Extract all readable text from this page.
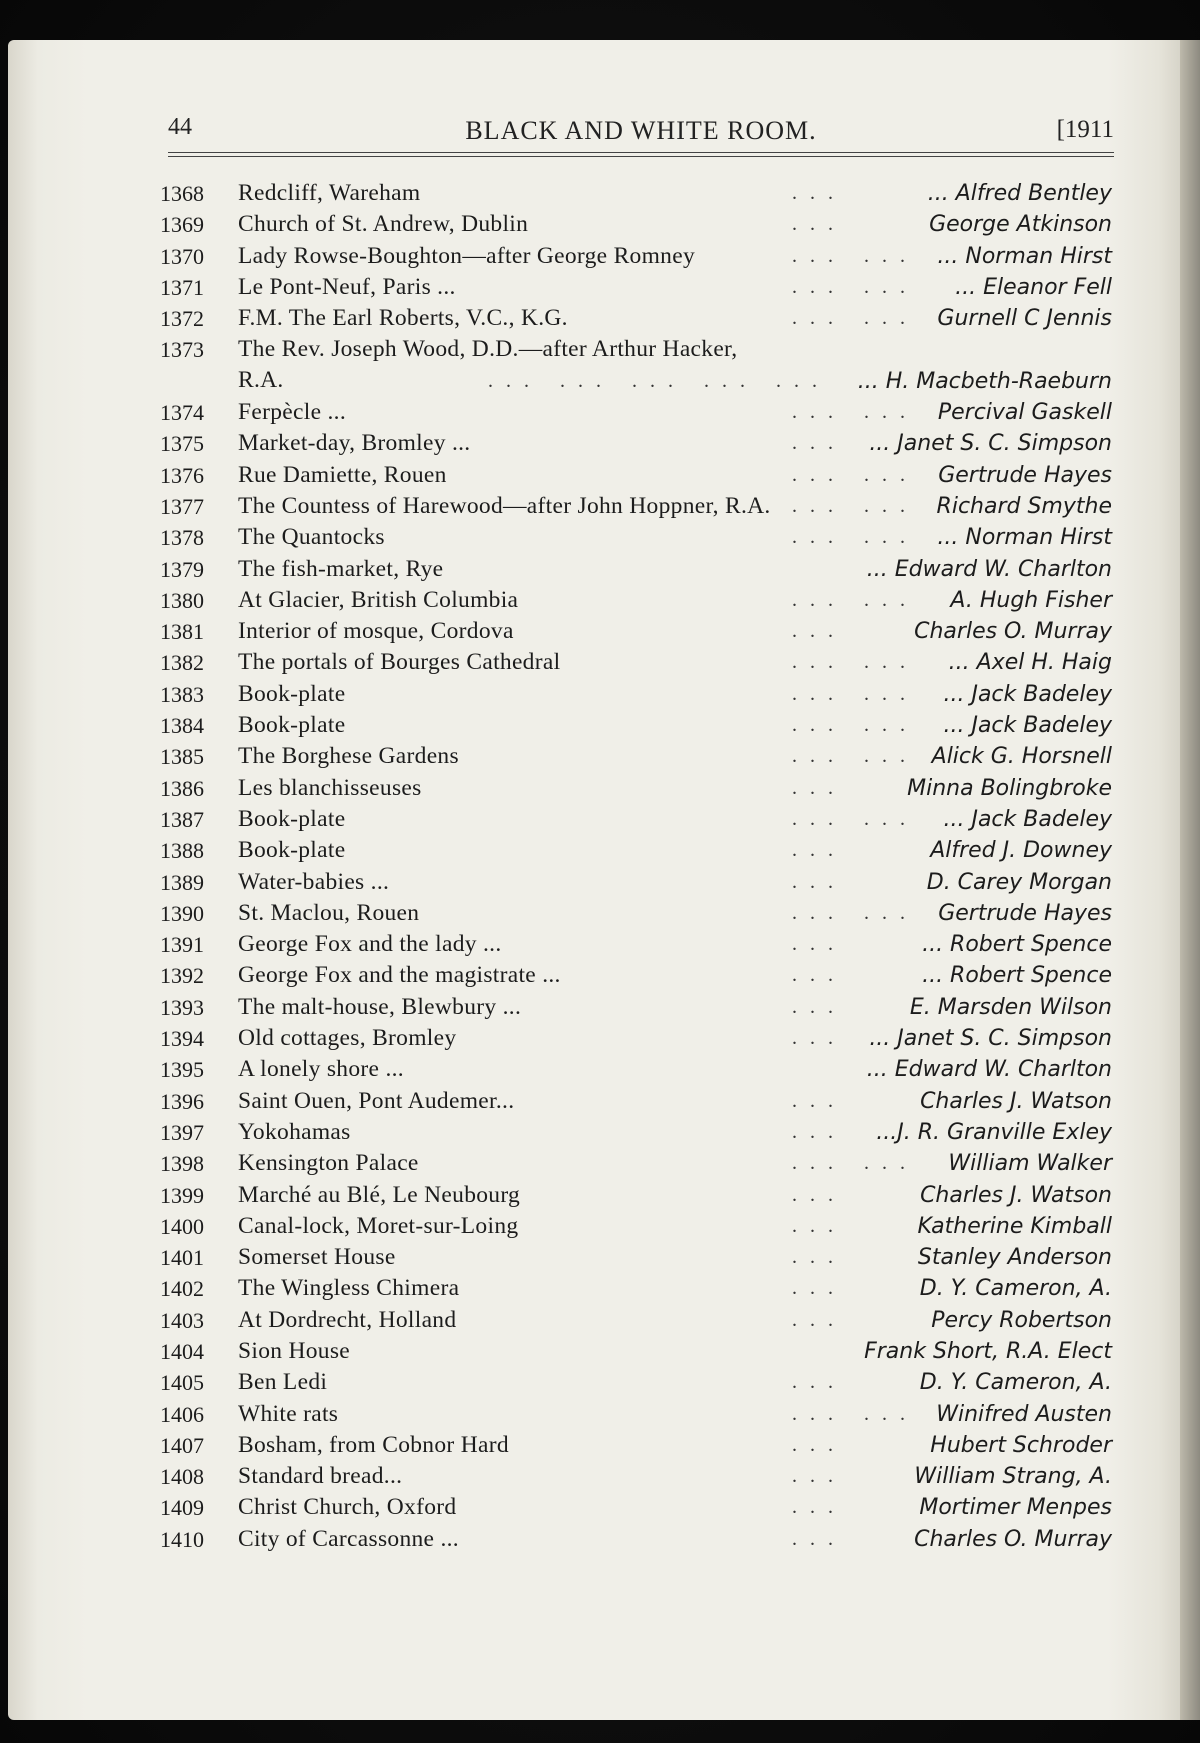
44	BLACK AND WHITE ROOM.	[1911
1368	Redcliff, Wareham	... Alfred Bentley
...
1369	Church of St. Andrew, Dublin	George Atkinson
...
1370	Lady Rowse-Boughton—after George Romney	... Norman Hirst
... ...
1371	Le Pont-Neuf, Paris ...	... Eleanor Fell
... ...
1372	F.M. The Earl Roberts, V.C., K.G.	Gurnell C Jennis
... ...
1373	The Rev. Joseph Wood, D.D.—after Arthur Hacker, R.A.	... H. Macbeth-Raeburn
... ... ... ... ...
1374	Ferpècle ...	Percival Gaskell
... ...
1375	Market-day, Bromley ...	... Janet S. C. Simpson
...
1376	Rue Damiette, Rouen	Gertrude Hayes
... ...
1377	The Countess of Harewood—after John Hoppner, R.A.	Richard Smythe
... ...
1378	The Quantocks	... Norman Hirst
... ...
1379	The fish-market, Rye	... Edward W. Charlton
1380	At Glacier, British Columbia	A. Hugh Fisher
... ...
1381	Interior of mosque, Cordova	Charles O. Murray
...
1382	The portals of Bourges Cathedral	... Axel H. Haig
... ...
1383	Book-plate	... Jack Badeley
... ...
1384	Book-plate	... Jack Badeley
... ...
1385	The Borghese Gardens	Alick G. Horsnell
... ...
1386	Les blanchisseuses	Minna Bolingbroke
...
1387	Book-plate	... Jack Badeley
... ...
1388	Book-plate	Alfred J. Downey
...
1389	Water-babies ...	D. Carey Morgan
...
1390	St. Maclou, Rouen	Gertrude Hayes
... ...
1391	George Fox and the lady ...	... Robert Spence
...
1392	George Fox and the magistrate ...	... Robert Spence
...
1393	The malt-house, Blewbury ...	E. Marsden Wilson
...
1394	Old cottages, Bromley	... Janet S. C. Simpson
...
1395	A lonely shore ...	... Edward W. Charlton
1396	Saint Ouen, Pont Audemer...	Charles J. Watson
...
1397	Yokohamas	...J. R. Granville Exley
...
1398	Kensington Palace	William Walker
... ...
1399	Marché au Blé, Le Neubourg	Charles J. Watson
...
1400	Canal-lock, Moret-sur-Loing	Katherine Kimball
...
1401	Somerset House	Stanley Anderson
...
1402	The Wingless Chimera	D. Y. Cameron, A.
...
1403	At Dordrecht, Holland	Percy Robertson
...
1404	Sion House	Frank Short, R.A. Elect
1405	Ben Ledi	D. Y. Cameron, A.
...
1406	White rats	Winifred Austen
... ...
1407	Bosham, from Cobnor Hard	Hubert Schroder
...
1408	Standard bread...	William Strang, A.
...
1409	Christ Church, Oxford	Mortimer Menpes
...
1410	City of Carcassonne ...	Charles O. Murray
...
